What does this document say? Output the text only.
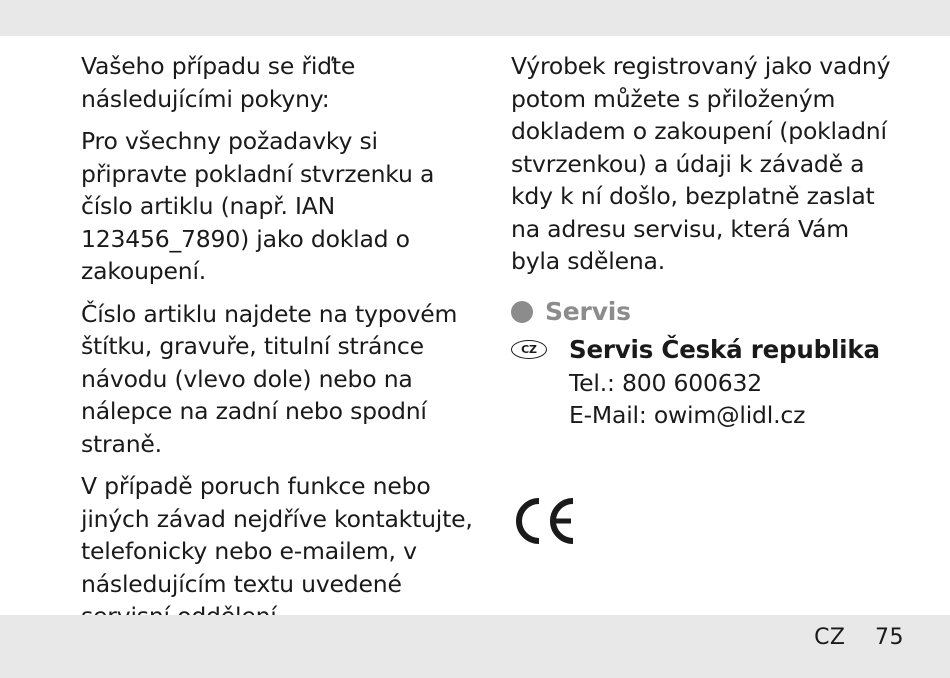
Vašeho případu se řiďte následujícími pokyny:

Pro všechny požadavky si připravte pokladní stvrzenku a číslo artiklu (např. IAN 123456_7890) jako doklad o zakoupení.

Číslo artiklu najdete na typovém štítku, gravuře, titulní stránce návodu (vlevo dole) nebo na nálepce na zadní nebo spodní straně.

V případě poruch funkce nebo jiných závad nejdříve kontaktujte, telefonicky nebo e-mailem, v následujícím textu uvedené

Výrobek registrovaný jako vadný potom můžete s přiloženým dokladem o zakoupení (pokladní stvrzenkou) a údaji k závadě a kdy k ní došlo, bezplatně zaslat na adresu servisu, která Vám byla sdělena.

Servis
CZ	Servis Česká republika
Tel.: 800 600632
E-Mail: owim@lidl.cz
CZ 75
